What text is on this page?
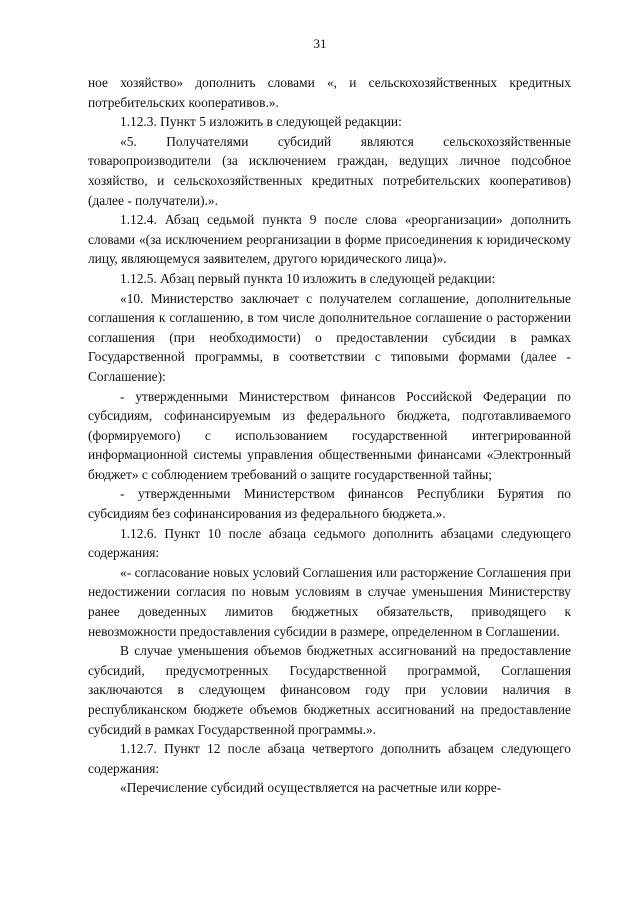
31

ное хозяйство» дополнить словами «, и сельскохозяйственных кредитных потребительских кооперативов.».

1.12.3. Пункт 5 изложить в следующей редакции:

«5. Получателями субсидий являются сельскохозяйственные товаропроизводители (за исключением граждан, ведущих личное подсобное хозяйство, и сельскохозяйственных кредитных потребительских кооперативов) (далее - получатели).».

1.12.4. Абзац седьмой пункта 9 после слова «реорганизации» дополнить словами «(за исключением реорганизации в форме присоединения к юридическому лицу, являющемуся заявителем, другого юридического лица)».

1.12.5. Абзац первый пункта 10 изложить в следующей редакции:

«10. Министерство заключает с получателем соглашение, дополнительные соглашения к соглашению, в том числе дополнительное соглашение о расторжении соглашения (при необходимости) о предоставлении субсидии в рамках Государственной программы, в соответствии с типовыми формами (далее - Соглашение):

- утвержденными Министерством финансов Российской Федерации по субсидиям, софинансируемым из федерального бюджета, подготавливаемого (формируемого) с использованием государственной интегрированной информационной системы управления общественными финансами «Электронный бюджет» с соблюдением требований о защите государственной тайны;

- утвержденными Министерством финансов Республики Бурятия по субсидиям без софинансирования из федерального бюджета.».

1.12.6. Пункт 10 после абзаца седьмого дополнить абзацами следующего содержания:

«- согласование новых условий Соглашения или расторжение Соглашения при недостижении согласия по новым условиям в случае уменьшения Министерству ранее доведенных лимитов бюджетных обязательств, приводящего к невозможности предоставления субсидии в размере, определенном в Соглашении.

В случае уменьшения объемов бюджетных ассигнований на предоставление субсидий, предусмотренных Государственной программой, Соглашения заключаются в следующем финансовом году при условии наличия в республиканском бюджете объемов бюджетных ассигнований на предоставление субсидий в рамках Государственной программы.».

1.12.7. Пункт 12 после абзаца четвертого дополнить абзацем следующего содержания:

«Перечисление субсидий осуществляется на расчетные или корре-
